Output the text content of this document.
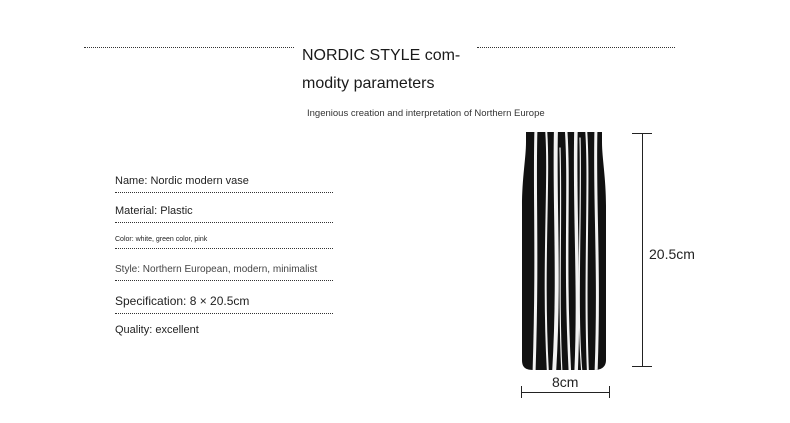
NORDIC STYLE com-modity parameters
Ingenious creation and interpretation of Northern Europe
Name: Nordic modern vase
Material: Plastic
Color: white, green color, pink
Style: Northern European, modern, minimalist
Specification: 8 × 20.5cm
Quality: excellent
20.5cm
8cm
